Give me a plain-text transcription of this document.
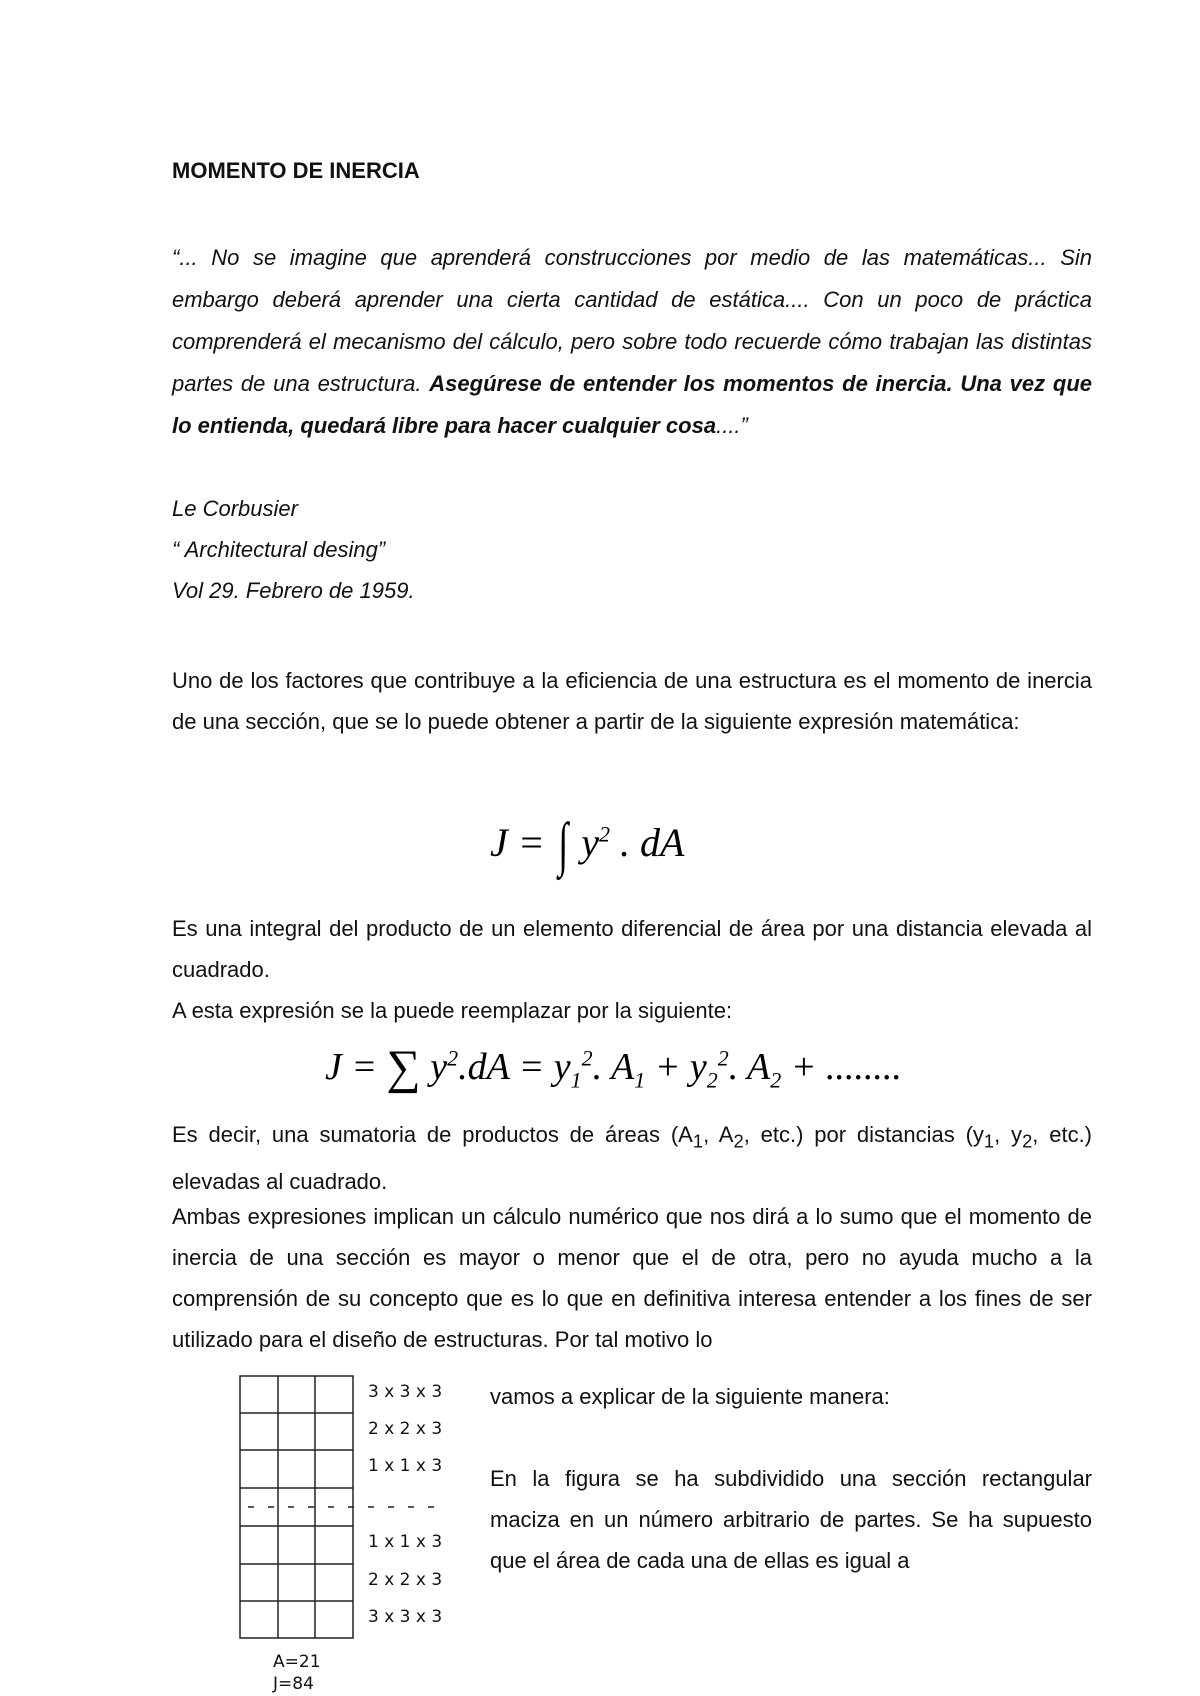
MOMENTO DE INERCIA
“... No se imagine que aprenderá construcciones por medio de las matemáticas... Sin embargo deberá aprender una cierta cantidad de estática.... Con un poco de práctica comprenderá el mecanismo del cálculo, pero sobre todo recuerde cómo trabajan las distintas partes de una estructura. Asegúrese de entender los momentos de inercia. Una vez que lo entienda, quedará libre para hacer cualquier cosa....”
Le Corbusier
“ Architectural desing”
Vol 29. Febrero de 1959.
Uno de los factores que contribuye a la eficiencia de una estructura es el momento de inercia de una sección, que se lo puede obtener a partir de la siguiente expresión matemática:
J = ∫ $y^2$ . dA
Es una integral del producto de un elemento diferencial de área por una distancia elevada al cuadrado.
A esta expresión se la puede reemplazar por la siguiente:
J = ∑ $y^2.dA = y_1^2$. $A_1 + y_2^2$. $A_2$ + ........
Es decir, una sumatoria de productos de áreas ($A_1$, $A_2$, etc.) por distancias ($y_1$, $y_2$, etc.) elevadas al cuadrado.
Ambas expresiones implican un cálculo numérico que nos dirá a lo sumo que el momento de inercia de una sección es mayor o menor que el de otra, pero no ayuda mucho a la comprensión de su concepto que es lo que en definitiva interesa entender a los fines de ser utilizado para el diseño de estructuras. Por tal motivo lo
3 x 3 x 3
2 x 2 x 3
1 x 1 x 3
1 x 1 x 3
2 x 2 x 3
3 x 3 x 3
A=21
J=84
vamos a explicar de la siguiente manera:
En la figura se ha subdividido una sección rectangular maciza en un número arbitrario de partes. Se ha supuesto que el área de cada una de ellas es igual a
